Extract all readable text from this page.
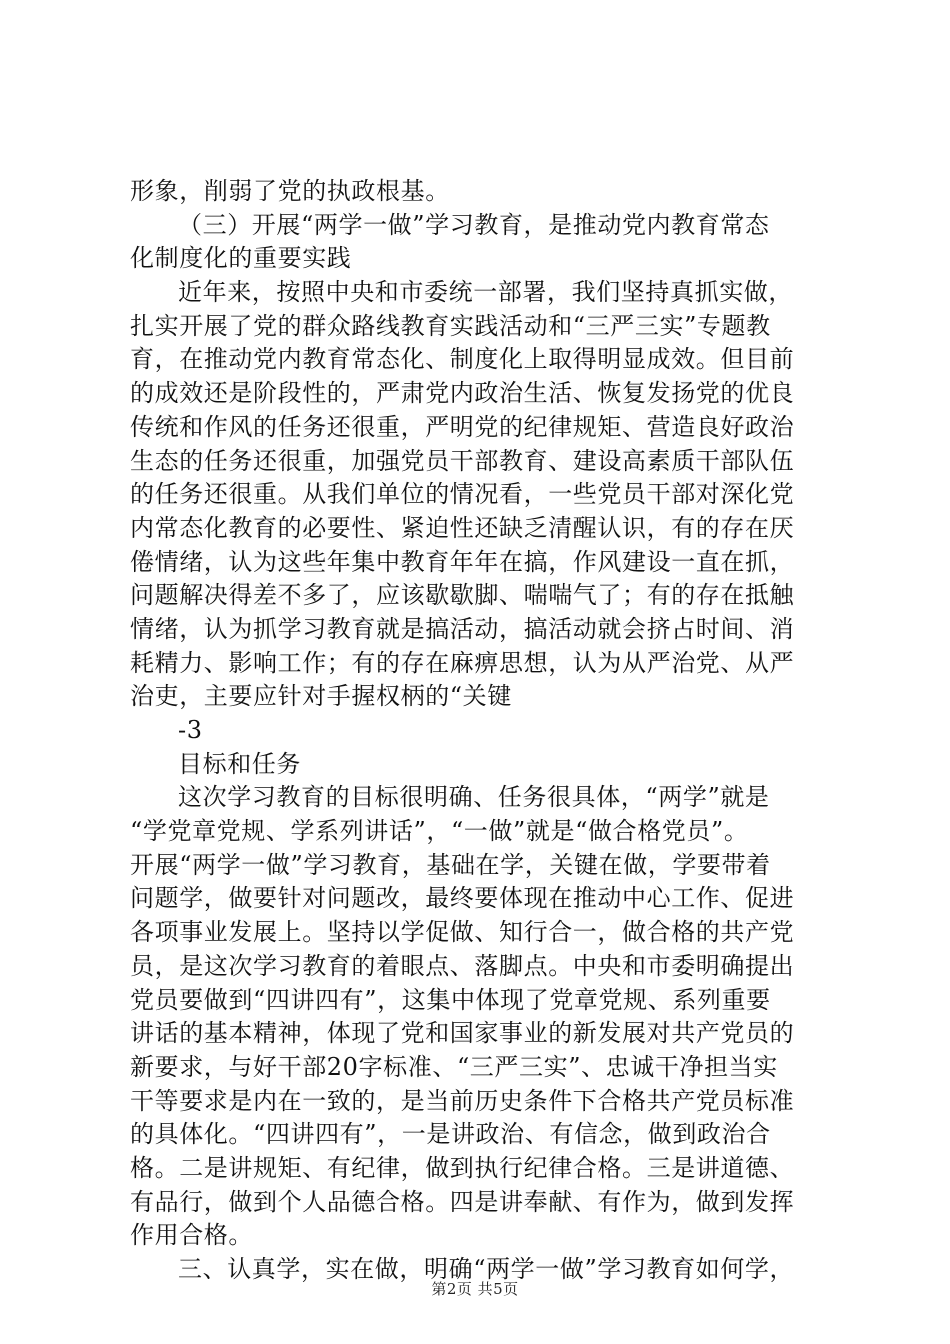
形象，削弱了党的执政根基。
（三）开展“两学一做”学习教育，是推动党内教育常态
化制度化的重要实践
近年来，按照中央和市委统一部署，我们坚持真抓实做，
扎实开展了党的群众路线教育实践活动和“三严三实”专题教
育，在推动党内教育常态化、制度化上取得明显成效。但目前
的成效还是阶段性的，严肃党内政治生活、恢复发扬党的优良
传统和作风的任务还很重，严明党的纪律规矩、营造良好政治
生态的任务还很重，加强党员干部教育、建设高素质干部队伍
的任务还很重。从我们单位的情况看，一些党员干部对深化党
内常态化教育的必要性、紧迫性还缺乏清醒认识，有的存在厌
倦情绪，认为这些年集中教育年年在搞，作风建设一直在抓，
问题解决得差不多了，应该歇歇脚、喘喘气了；有的存在抵触
情绪，认为抓学习教育就是搞活动，搞活动就会挤占时间、消
耗精力、影响工作；有的存在麻痹思想，认为从严治党、从严
治吏，主要应针对手握权柄的“关键
-3
目标和任务
这次学习教育的目标很明确、任务很具体，“两学”就是
“学党章党规、学系列讲话”，“一做”就是“做合格党员”。
开展“两学一做”学习教育，基础在学，关键在做，学要带着
问题学，做要针对问题改，最终要体现在推动中心工作、促进
各项事业发展上。坚持以学促做、知行合一，做合格的共产党
员，是这次学习教育的着眼点、落脚点。中央和市委明确提出
党员要做到“四讲四有”，这集中体现了党章党规、系列重要
讲话的基本精神，体现了党和国家事业的新发展对共产党员的
新要求，与好干部20字标准、“三严三实”、忠诚干净担当实
干等要求是内在一致的，是当前历史条件下合格共产党员标准
的具体化。“四讲四有”，一是讲政治、有信念，做到政治合
格。二是讲规矩、有纪律，做到执行纪律合格。三是讲道德、
有品行，做到个人品德合格。四是讲奉献、有作为，做到发挥
作用合格。
三、认真学，实在做，明确“两学一做”学习教育如何学，
第2页 共5页
